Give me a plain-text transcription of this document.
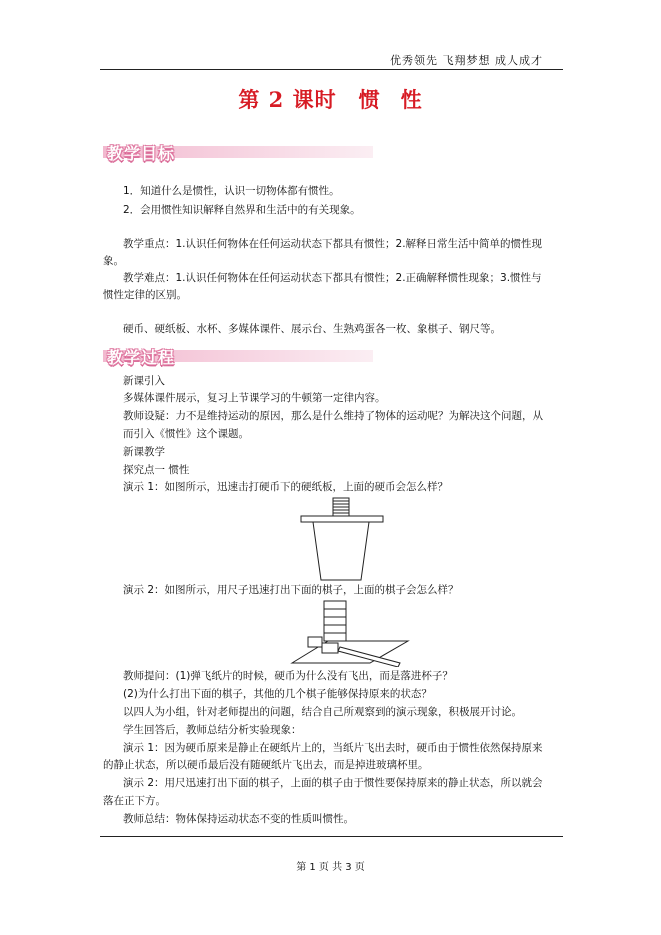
优秀领先 飞翔梦想 成人成才
第 2 课时 惯 性
教学目标
1．知道什么是惯性，认识一切物体都有惯性。
2．会用惯性知识解释自然界和生活中的有关现象。
教学重点：1.认识任何物体在任何运动状态下都具有惯性；2.解释日常生活中简单的惯性现
象。
教学难点：1.认识任何物体在任何运动状态下都具有惯性；2.正确解释惯性现象；3.惯性与
惯性定律的区别。
硬币、硬纸板、水杯、多媒体课件、展示台、生熟鸡蛋各一枚、象棋子、钢尺等。
教学过程
新课引入
多媒体课件展示，复习上节课学习的牛顿第一定律内容。
教师设疑：力不是维持运动的原因，那么是什么维持了物体的运动呢？为解决这个问题，从
而引入《惯性》这个课题。
新课教学
探究点一 惯性
演示 1：如图所示，迅速击打硬币下的硬纸板，上面的硬币会怎么样？
演示 2：如图所示，用尺子迅速打出下面的棋子，上面的棋子会怎么样？
教师提问：(1)弹飞纸片的时候，硬币为什么没有飞出，而是落进杯子？
(2)为什么打出下面的棋子，其他的几个棋子能够保持原来的状态？
以四人为小组，针对老师提出的问题，结合自己所观察到的演示现象，积极展开讨论。
学生回答后，教师总结分析实验现象：
演示 1：因为硬币原来是静止在硬纸片上的，当纸片飞出去时，硬币由于惯性依然保持原来
的静止状态，所以硬币最后没有随硬纸片飞出去，而是掉进玻璃杯里。
演示 2：用尺迅速打出下面的棋子，上面的棋子由于惯性要保持原来的静止状态，所以就会
落在正下方。
教师总结：物体保持运动状态不变的性质叫惯性。
第 1 页 共 3 页
